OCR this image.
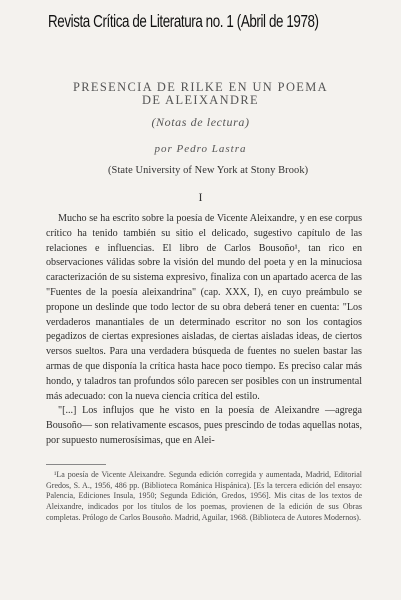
Revista Crítica de Literatura no. 1 (Abril de 1978)
PRESENCIA DE RILKE EN UN POEMA
DE ALEIXANDRE
(Notas de lectura)
por Pedro Lastra
(State University of New York at Stony Brook)
I

Mucho se ha escrito sobre la poesía de Vicente Aleixandre, y en ese corpus crítico ha tenido también su sitio el delicado, sugestivo capítulo de las relaciones e influencias. El libro de Carlos Bousoño¹, tan rico en observaciones válidas sobre la visión del mundo del poeta y en la minuciosa caracterización de su sistema expresivo, finaliza con un apartado acerca de las "Fuentes de la poesía aleixandrina" (cap. XXX, I), en cuyo preámbulo se propone un deslinde que todo lector de su obra deberá tener en cuenta: "Los verdaderos manantiales de un determinado escritor no son los contagios pegadizos de ciertas expresiones aisladas, de ciertas aisladas ideas, de ciertos versos sueltos. Para una verdadera búsqueda de fuentes no suelen bastar las armas de que disponía la crítica hasta hace poco tiempo. Es preciso calar más hondo, y taladros tan profundos sólo parecen ser posibles con un instrumental más adecuado: con la nueva ciencia crítica del estilo.

"[...] Los influjos que he visto en la poesía de Aleixandre —agrega Bousoño— son relativamente escasos, pues prescindo de todas aquellas notas, por supuesto numerosísimas, que en Alei-

¹La poesía de Vicente Aleixandre. Segunda edición corregida y aumentada, Madrid, Editorial Gredos, S. A., 1956, 486 pp. (Biblioteca Románica Hispánica). [Es la tercera edición del ensayo: Palencia, Ediciones Insula, 1950; Segunda Edición, Gredos, 1956]. Mis citas de los textos de Aleixandre, indicados por los títulos de los poemas, provienen de la edición de sus Obras completas. Prólogo de Carlos Bousoño. Madrid, Aguilar, 1968. (Biblioteca de Autores Modernos).
